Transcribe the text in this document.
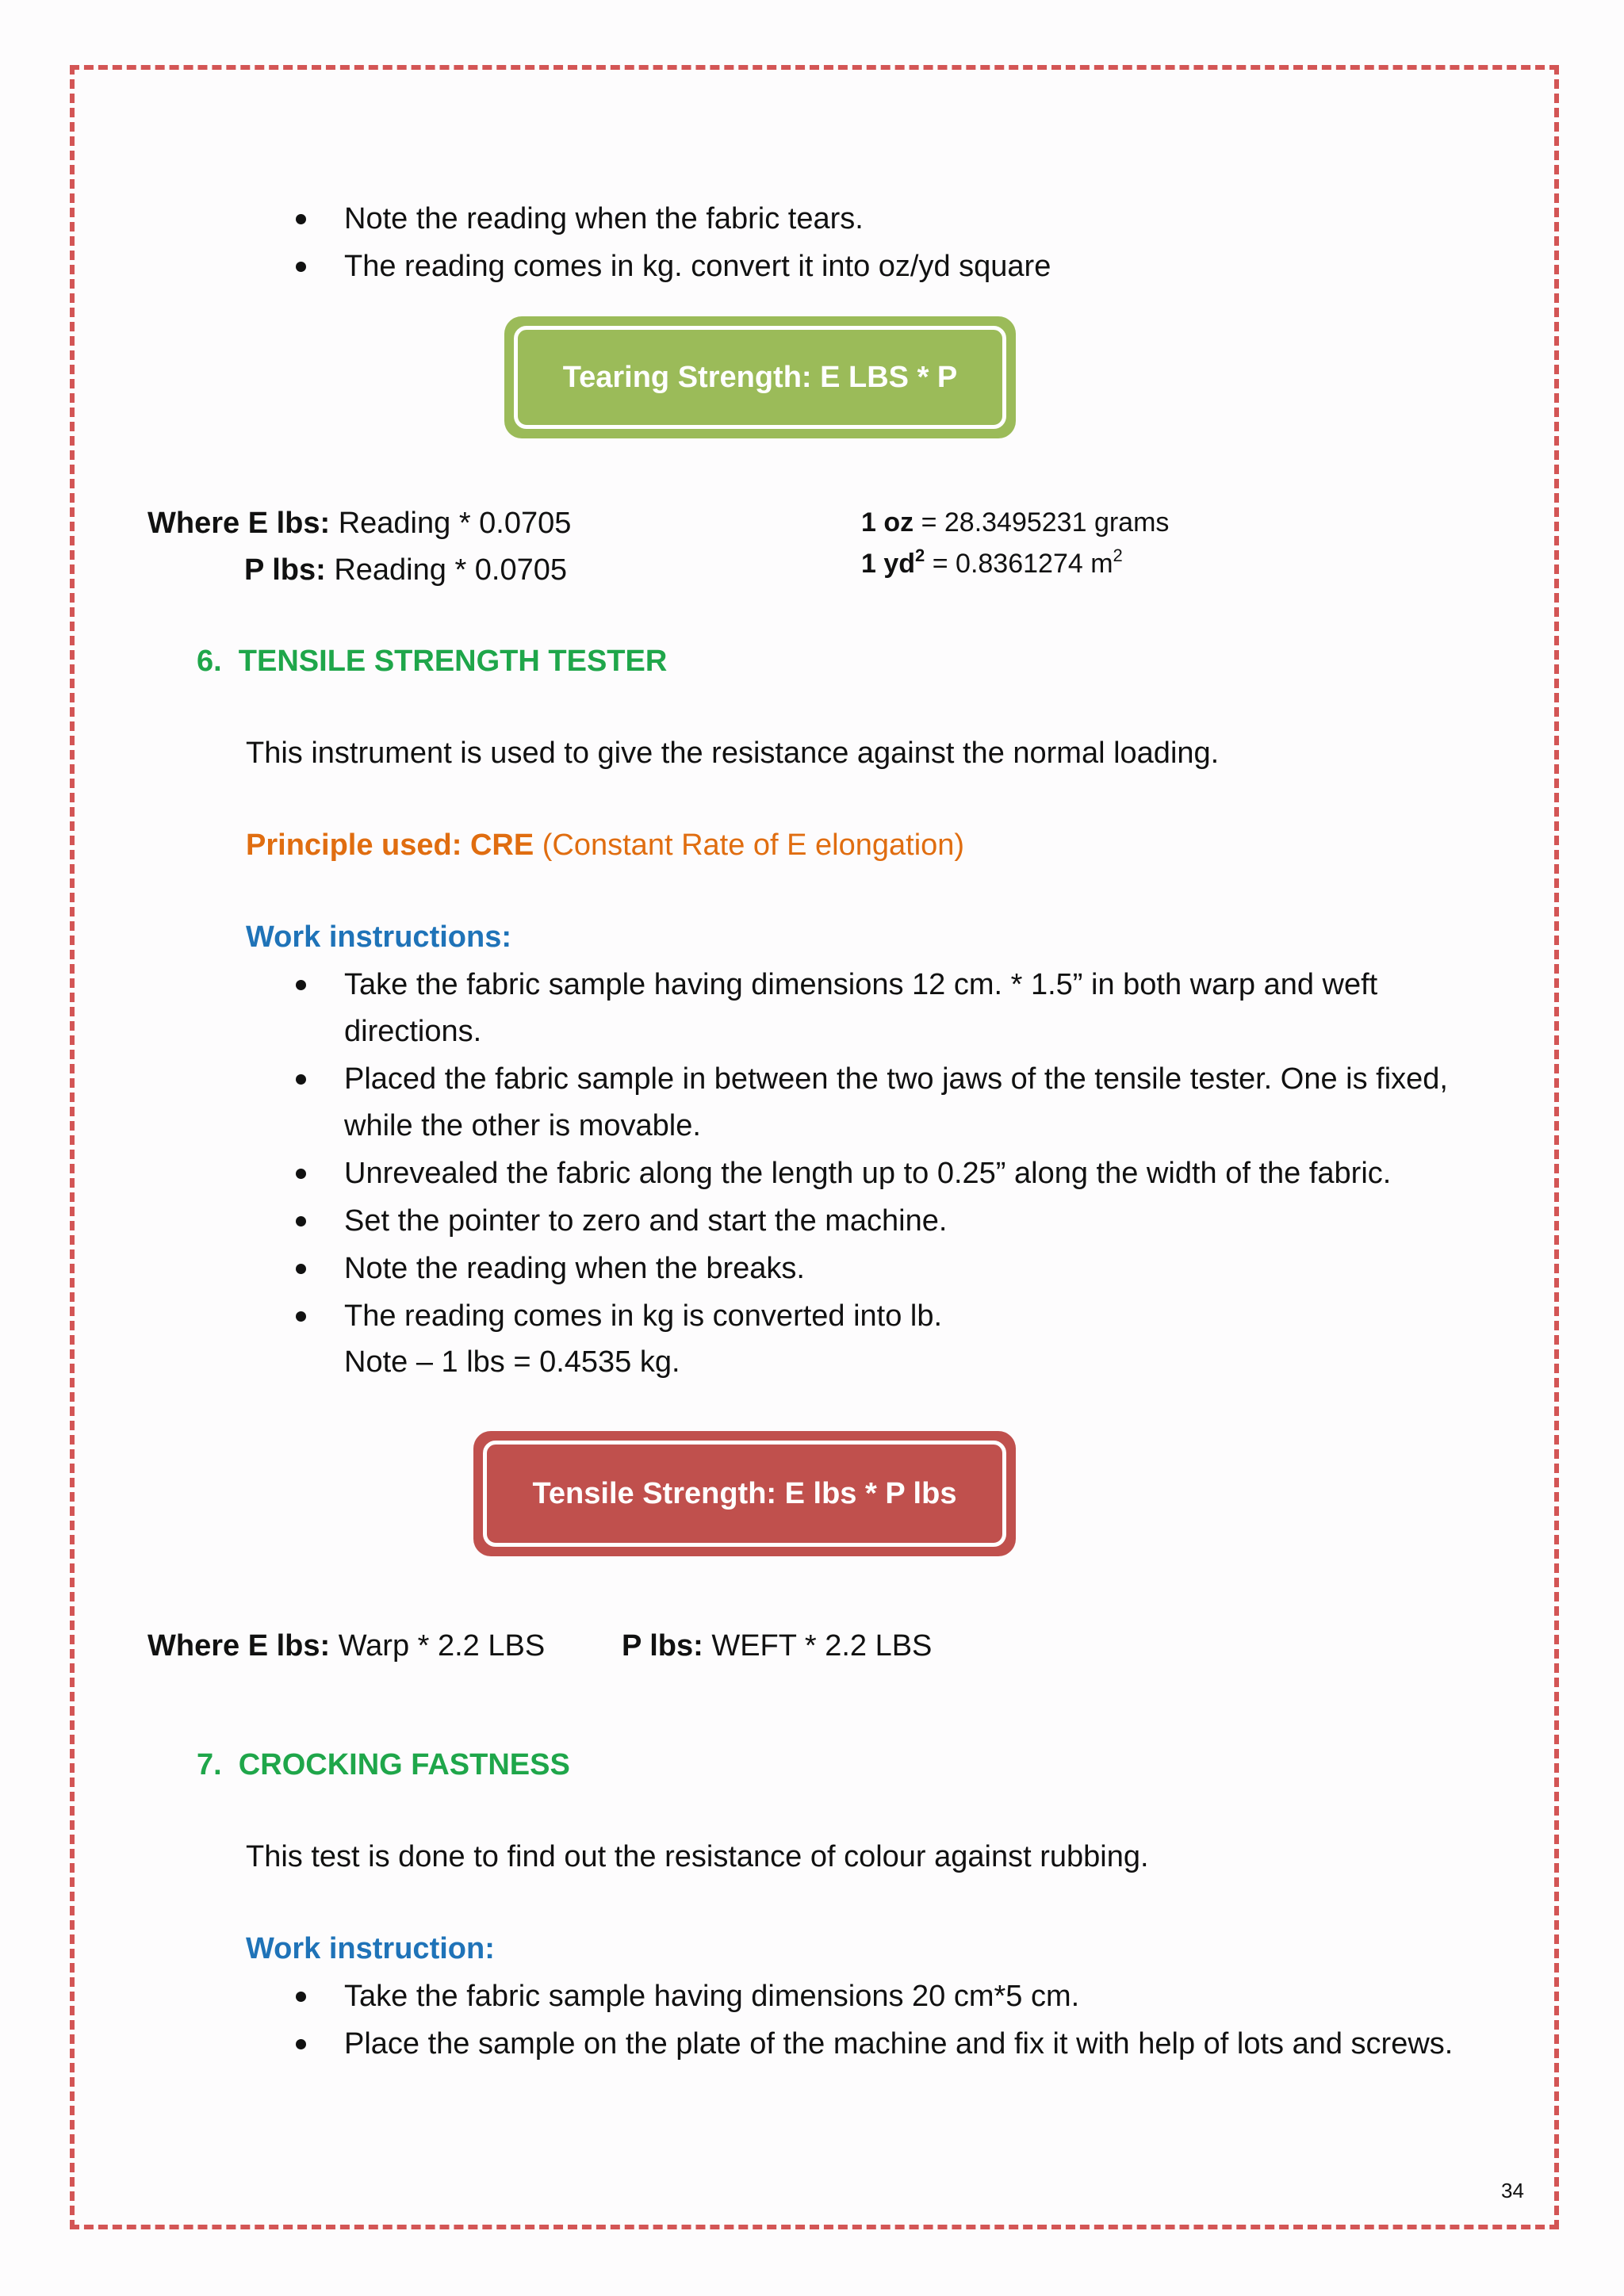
Note the reading when the fabric tears.
The reading comes in kg. convert it into oz/yd square
Tearing Strength: E LBS * P
Where E lbs: Reading * 0.0705
P lbs: Reading * 0.0705
1 oz = 28.3495231 grams
1 $yd^2 = 0.8361274$ $m^2$
6.  TENSILE STRENGTH TESTER
This instrument is used to give the resistance against the normal loading.
Principle used: CRE (Constant Rate of E elongation)
Work instructions:
Take the fabric sample having dimensions 12 cm. * 1.5” in both warp and weft
directions.
Placed the fabric sample in between the two jaws of the tensile tester. One is fixed,
while the other is movable.
Unrevealed the fabric along the length up to 0.25” along the width of the fabric.
Set the pointer to zero and start the machine.
Note the reading when the breaks.
The reading comes in kg is converted into lb.
Note – 1 lbs = 0.4535 kg.
Tensile Strength: E lbs * P lbs
Where E lbs: Warp * 2.2 LBS	P lbs: WEFT * 2.2 LBS
7.  CROCKING FASTNESS
This test is done to find out the resistance of colour against rubbing.
Work instruction:
Take the fabric sample having dimensions 20 cm*5 cm.
Place the sample on the plate of the machine and fix it with help of lots and screws.
34
